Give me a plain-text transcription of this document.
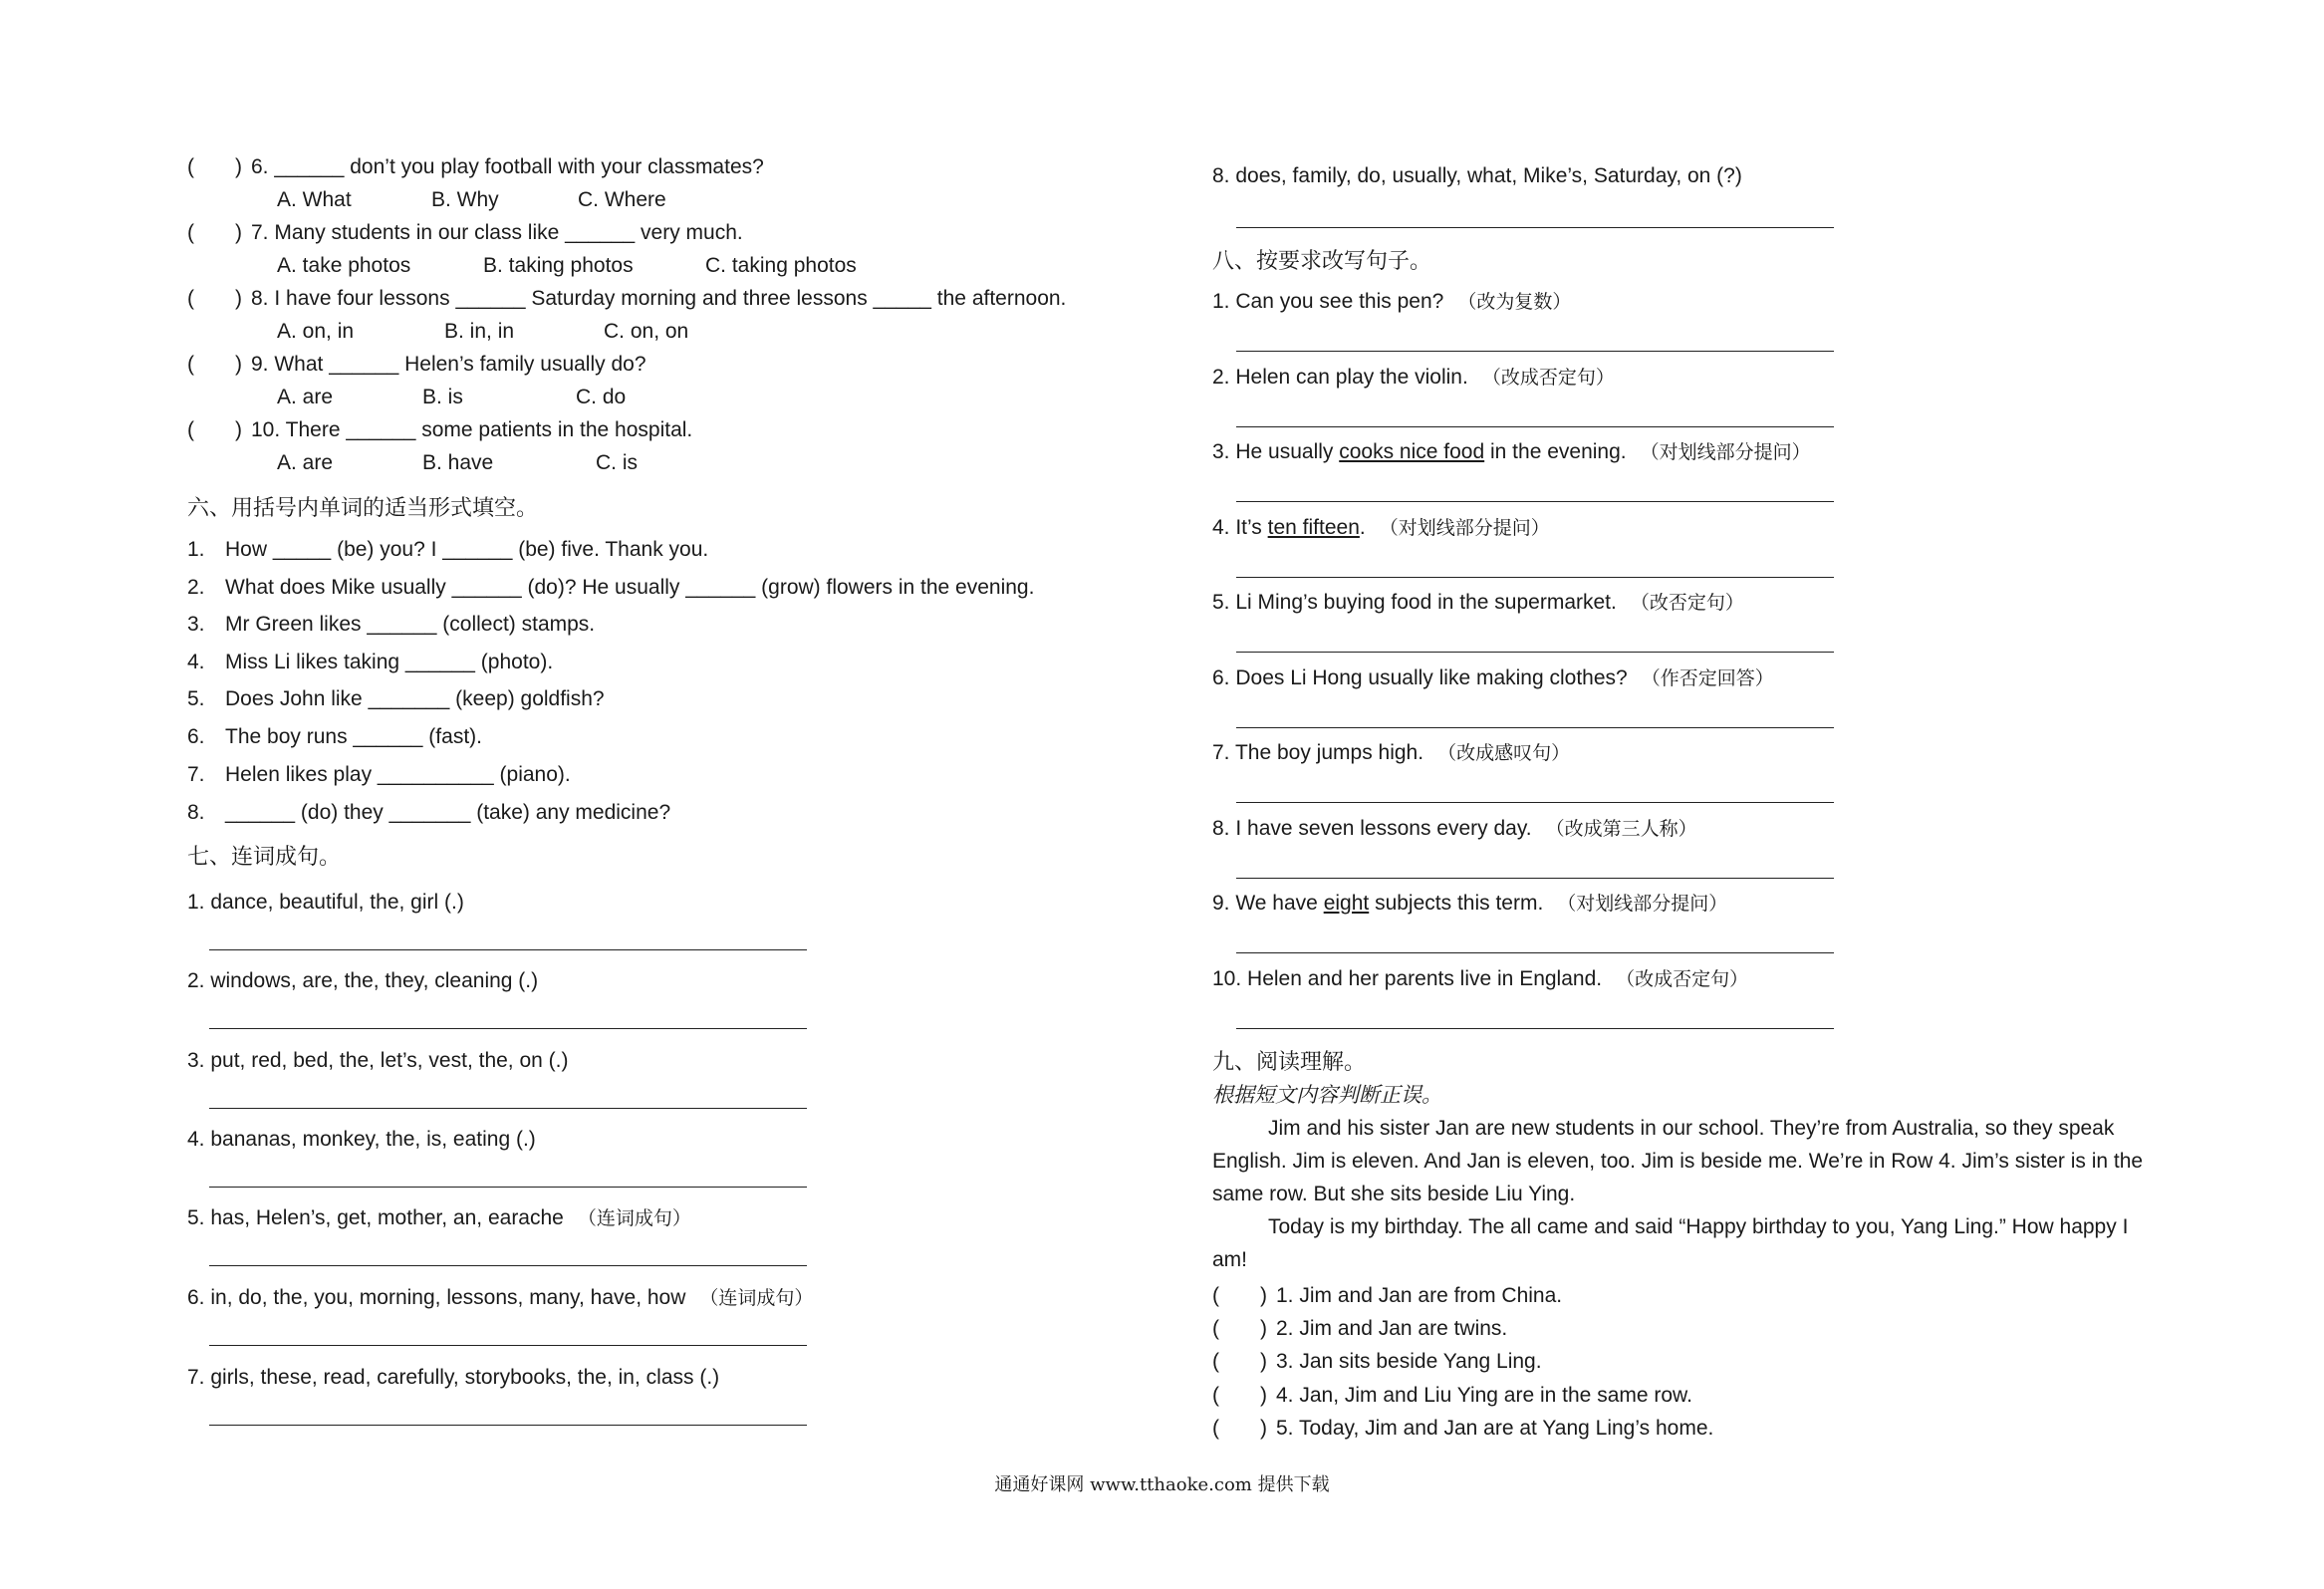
( ) 6. ______ don’t you play football with your classmates?
A. What	B. Why	C. Where
( ) 7. Many students in our class like ______ very much.
A. take photos	B. taking photos	C. taking photos
( ) 8. I have four lessons ______ Saturday morning and three lessons _____ the afternoon.
A. on, in	B. in, in	C. on, on
( ) 9. What ______ Helen’s family usually do?
A. are	B. is	C. do
( ) 10. There ______ some patients in the hospital.
A. are	B. have	C. is
六、用括号内单词的适当形式填空。
1. How _____ (be) you? I ______ (be) five. Thank you.
2. What does Mike usually ______ (do)? He usually ______ (grow) flowers in the evening.
3. Mr Green likes ______ (collect) stamps.
4. Miss Li likes taking ______ (photo).
5. Does John like _______ (keep) goldfish?
6. The boy runs ______ (fast).
7. Helen likes play __________ (piano).
8. ______ (do) they _______ (take) any medicine?
七、连词成句。
1. dance, beautiful, the, girl (.)
2. windows, are, the, they, cleaning (.)
3. put, red, bed, the, let’s, vest, the, on (.)
4. bananas, monkey, the, is, eating (.)
5. has, Helen’s, get, mother, an, earache （连词成句）
6. in, do, the, you, morning, lessons, many, have, how （连词成句）
7. girls, these, read, carefully, storybooks, the, in, class (.)
8. does, family, do, usually, what, Mike’s, Saturday, on (?)
八、按要求改写句子。
1. Can you see this pen? （改为复数）
2. Helen can play the violin. （改成否定句）
3. He usually cooks nice food in the evening. （对划线部分提问）
4. It’s ten fifteen. （对划线部分提问）
5. Li Ming’s buying food in the supermarket. （改否定句）
6. Does Li Hong usually like making clothes? （作否定回答）
7. The boy jumps high. （改成感叹句）
8. I have seven lessons every day. （改成第三人称）
9. We have eight subjects this term. （对划线部分提问）
10. Helen and her parents live in England. （改成否定句）
九、阅读理解。
根据短文内容判断正误。
Jim and his sister Jan are new students in our school. They’re from Australia, so they speak English. Jim is eleven. And Jan is eleven, too. Jim is beside me. We’re in Row 4. Jim’s sister is in the same row. But she sits beside Liu Ying.
Today is my birthday. The all came and said “Happy birthday to you, Yang Ling.” How happy I am!
( ) 1. Jim and Jan are from China.
( ) 2. Jim and Jan are twins.
( ) 3. Jan sits beside Yang Ling.
( ) 4. Jan, Jim and Liu Ying are in the same row.
( ) 5. Today, Jim and Jan are at Yang Ling’s home.
通通好课网 www.tthaoke.com 提供下载
